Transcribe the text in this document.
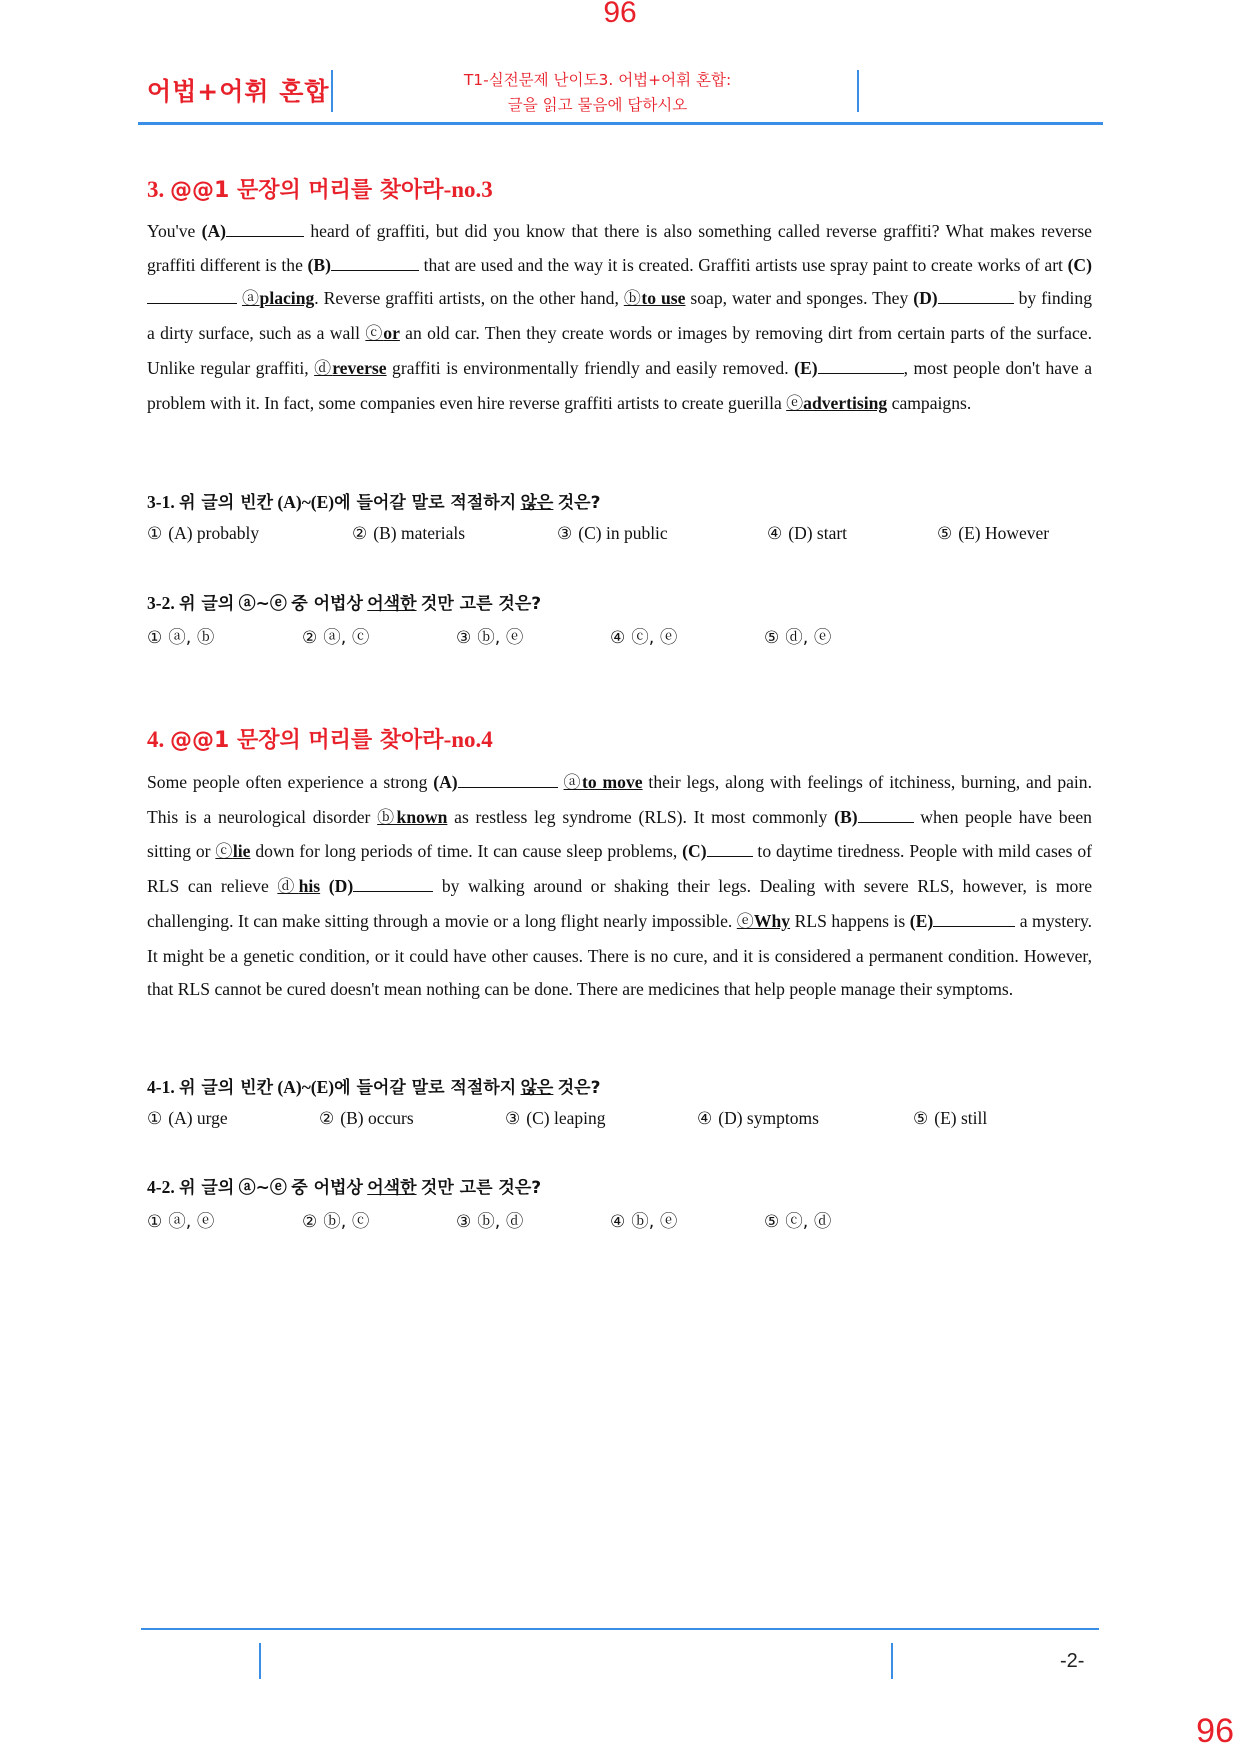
96
96
어법+어휘 혼합	T1-실전문제 난이도3. 어법+어휘 혼합:
글을 읽고 물음에 답하시오
3. @@1 문장의 머리를 찾아라-no.3
You've (A)	heard of graffiti, but did you know that there is also something called reverse graffiti? What makes reverse graffiti different is the (B)	that are used and the way it is created. Graffiti artists use spray paint to create works of art (C) ⓐplacing. Reverse graffiti artists, on the other hand, ⓑto use soap, water and sponges. They (D)	by finding a dirty surface, such as a wall ⓒor an old car. Then they create words or images by removing dirt from certain parts of the surface. Unlike regular graffiti, ⓓreverse graffiti is environmentally friendly and easily removed. (E)	, most people don't have a problem with it. In fact, some companies even hire reverse graffiti artists to create guerilla ⓔadvertising campaigns.
3-1. 위 글의 빈칸 (A)~(E)에 들어갈 말로 적절하지 않은 것은?
① (A) probably	② (B) materials	③ (C) in public	④ (D) start	⑤ (E) However
3-2. 위 글의 ⓐ~ⓔ 중 어법상 어색한 것만 고른 것은?
① ⓐ, ⓑ	② ⓐ, ⓒ	③ ⓑ, ⓔ	④ ⓒ, ⓔ	⑤ ⓓ, ⓔ
4. @@1 문장의 머리를 찾아라-no.4
Some people often experience a strong (A)	ⓐto move their legs, along with feelings of itchiness, burning, and pain. This is a neurological disorder ⓑknown as restless leg syndrome (RLS). It most commonly (B)	when people have been sitting or ⓒlie down for long periods of time. It can cause sleep problems, (C)	to daytime tiredness. People with mild cases of RLS can relieve ⓓhis (D)	by walking around or shaking their legs. Dealing with severe RLS, however, is more challenging. It can make sitting through a movie or a long flight nearly impossible. ⓔWhy RLS happens is (E)	a mystery. It might be a genetic condition, or it could have other causes. There is no cure, and it is considered a permanent condition. However, that RLS cannot be cured doesn't mean nothing can be done. There are medicines that help people manage their symptoms.
4-1. 위 글의 빈칸 (A)~(E)에 들어갈 말로 적절하지 않은 것은?
① (A) urge	② (B) occurs	③ (C) leaping	④ (D) symptoms	⑤ (E) still
4-2. 위 글의 ⓐ~ⓔ 중 어법상 어색한 것만 고른 것은?
① ⓐ, ⓔ	② ⓑ, ⓒ	③ ⓑ, ⓓ	④ ⓑ, ⓔ	⑤ ⓒ, ⓓ
-2-
